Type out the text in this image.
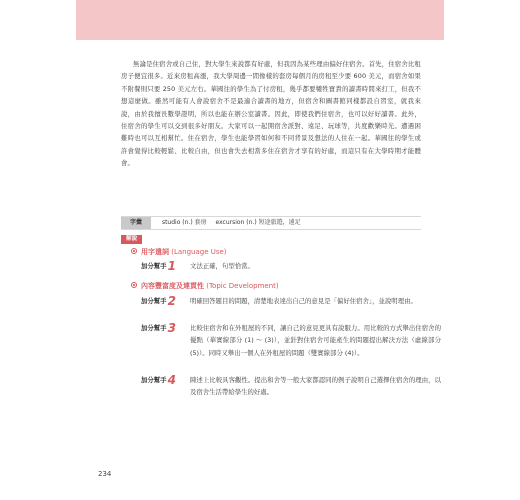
無論是住宿舍或自己住，對大學生來說都有好處，但我因為某些理由偏好住宿舍。首先，住宿舍比租房子便宜很多。近來房租高漲，我大學周邊一間像樣的套房每個月的房租至少要 600 美元，而宿舍如果不附餐則只要 250 美元左右。華國往的學生為了付房租，幾乎都要犧牲寶貴的讀書時間來打工，但我不想這麼做。雖然可能有人會說宿舍不是最適合讀書的地方，但宿舍和圖書館同樣都設自習室，就我來說，由於我擅長數學證明，所以也能在辦公室讀書。因此，即使我們住宿舍，也可以好好讀書。此外，住宿舍的學生可以交到很多好朋友。大家可以一起開宿舍派對、遠足、玩球等，共度歡樂時光。遭遇困難時也可以互相幫忙。住在宿舍，學生也能學習如何和不同背景及想法的人住在一起。華國往的學生或許會覺得比較輕鬆、比較自由，但也會失去相當多住在宿舍才享有的好處，而這只有在大學時期才能體會。

字彙	studio (n.) 套房 excursion (n.) 短途旅遊，遠足
解說
用字遣詞 (Language Use)
加分幫手1	文法正確，句型恰當。
內容豐富度及連貫性 (Topic Development)
加分幫手2	明確回答題目的問題，清楚地表達出自己的意見是「偏好住宿舍」，並說明理由。
加分幫手3	比較住宿舍和在外租屋的不同，讓自己的意見更具有說服力。用比較的方式舉出住宿舍的優點（華實線部分 (1) ～ (3)），並針對住宿舍可能產生的問題提出解決方法（虛線部分 (5)）。同時又舉出一個人在外租屋的問題（雙實線部分 (4)）。
加分幫手4	陳述上比較具客觀性。提出和舍等一般大家都認同的例子說明自己選擇住宿舍的理由，以及宿舍生活帶給學生的好處。
234
